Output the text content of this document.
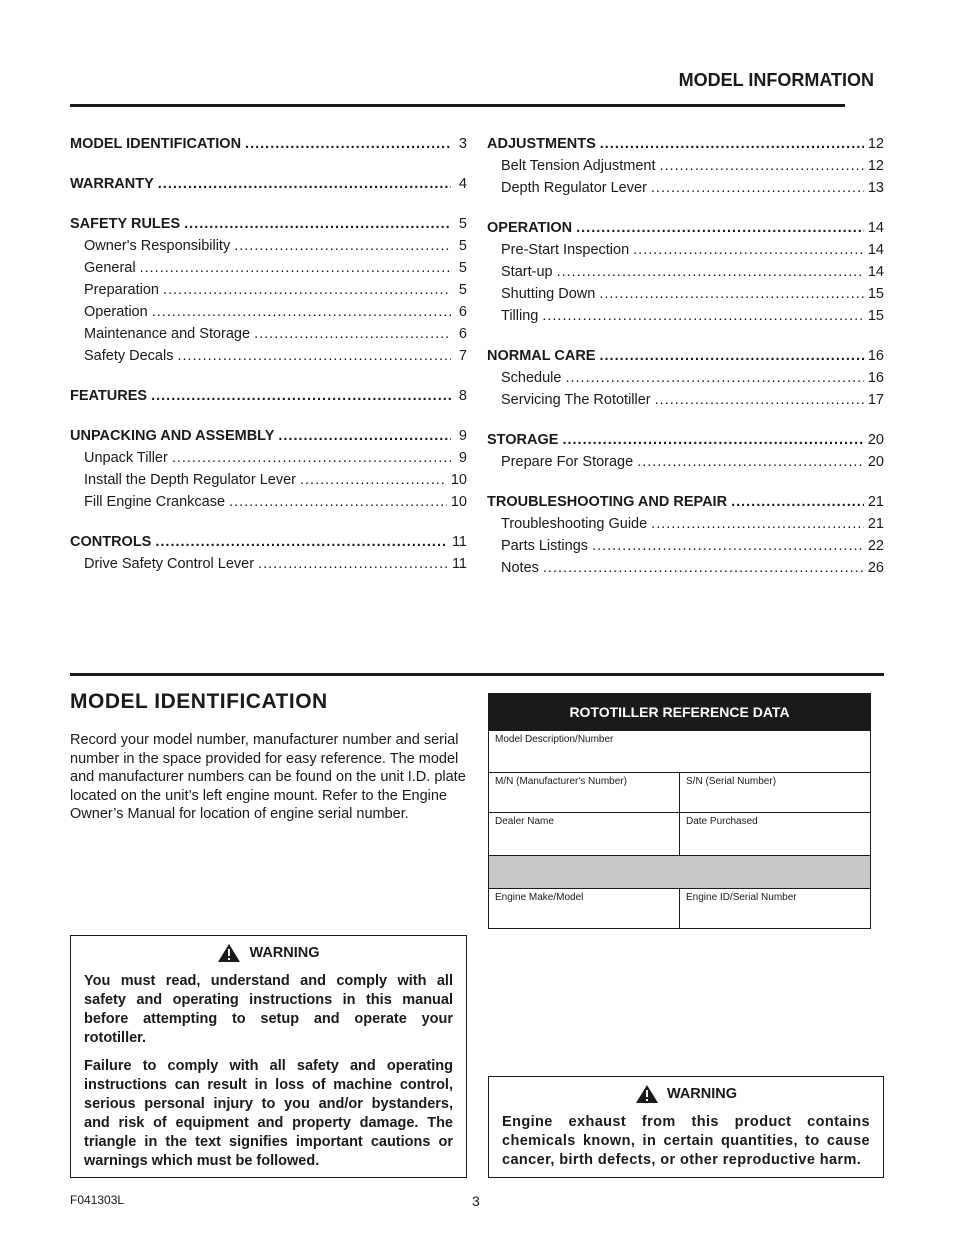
MODEL INFORMATION
MODEL IDENTIFICATION .....	3
WARRANTY .....	4
SAFETY RULES .....	5
Owner's Responsibility .....	5
General .....	5
Preparation .....	5
Operation .....	6
Maintenance and Storage .....	6
Safety Decals .....	7
FEATURES .....	8
UNPACKING AND ASSEMBLY .....	9
Unpack Tiller .....	9
Install the Depth Regulator Lever .....	10
Fill Engine Crankcase .....	10
CONTROLS .....	11
Drive Safety Control Lever .....	11
ADJUSTMENTS .....	12
Belt Tension Adjustment .....	12
Depth Regulator Lever .....	13
OPERATION .....	14
Pre-Start Inspection .....	14
Start-up .....	14
Shutting Down .....	15
Tilling .....	15
NORMAL CARE .....	16
Schedule .....	16
Servicing The Rototiller .....	17
STORAGE .....	20
Prepare For Storage .....	20
TROUBLESHOOTING AND REPAIR .....	21
Troubleshooting Guide .....	21
Parts Listings .....	22
Notes .....	26
MODEL IDENTIFICATION
Record your model number, manufacturer number and serial number in the space provided for easy reference. The model and manufacturer numbers can be found on the unit I.D. plate located on the unit’s left engine mount. Refer to the Engine Owner’s Manual for location of engine serial number.
ROTOTILLER REFERENCE DATA
Model Description/Number
M/N (Manufacturer's Number)	S/N (Serial Number)
Dealer Name	Date Purchased
Engine Make/Model	Engine ID/Serial Number
WARNING

You must read, understand and comply with all safety and operating instructions in this manual before attempting to setup and operate your rototiller.

Failure to comply with all safety and operating instructions can result in loss of machine control, serious personal injury to you and/or bystanders, and risk of equipment and property damage. The triangle in the text signifies important cautions or warnings which must be followed.

WARNING

Engine exhaust from this product contains chemicals known, in certain quantities, to cause cancer, birth defects, or other reproductive harm.

F041303L	3
